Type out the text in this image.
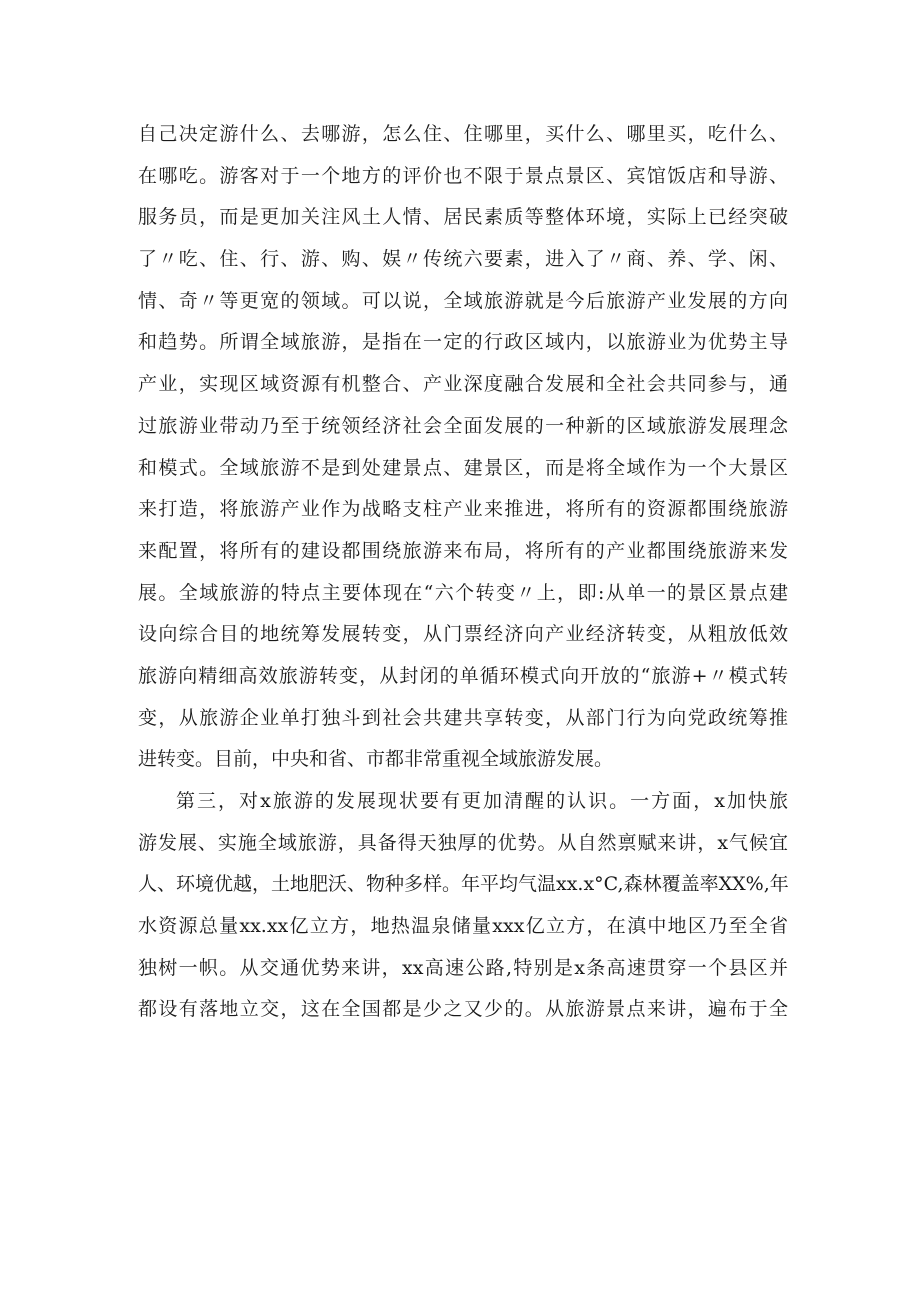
自己决定游什么、去哪游，怎么住、住哪里，买什么、哪里买，吃什么、
在哪吃。游客对于一个地方的评价也不限于景点景区、宾馆饭店和导游、
服务员，而是更加关注风土人情、居民素质等整体环境，实际上已经突破
了〃吃、住、行、游、购、娱〃传统六要素，进入了〃商、养、学、闲、
情、奇〃等更宽的领域。可以说，全域旅游就是今后旅游产业发展的方向
和趋势。所谓全域旅游，是指在一定的行政区域内，以旅游业为优势主导
产业，实现区域资源有机整合、产业深度融合发展和全社会共同参与，通
过旅游业带动乃至于统领经济社会全面发展的一种新的区域旅游发展理念
和模式。全域旅游不是到处建景点、建景区，而是将全域作为一个大景区
来打造，将旅游产业作为战略支柱产业来推进，将所有的资源都围绕旅游
来配置，将所有的建设都围绕旅游来布局，将所有的产业都围绕旅游来发
展。全域旅游的特点主要体现在“六个转变〃上，即:从单一的景区景点建
设向综合目的地统筹发展转变，从门票经济向产业经济转变，从粗放低效
旅游向精细高效旅游转变，从封闭的单循环模式向开放的“旅游+〃模式转
变，从旅游企业单打独斗到社会共建共享转变，从部门行为向党政统筹推
进转变。目前，中央和省、市都非常重视全域旅游发展。
第三，对x旅游的发展现状要有更加清醒的认识。一方面，x加快旅
游发展、实施全域旅游，具备得天独厚的优势。从自然禀赋来讲，x气候宜
人、环境优越，土地肥沃、物种多样。年平均气温xx.x°C,森林覆盖率XX%,年
水资源总量xx.xx亿立方，地热温泉储量xxx亿立方，在滇中地区乃至全省
独树一帜。从交通优势来讲，xx高速公路,特别是x条高速贯穿一个县区并
都设有落地立交，这在全国都是少之又少的。从旅游景点来讲，遍布于全
